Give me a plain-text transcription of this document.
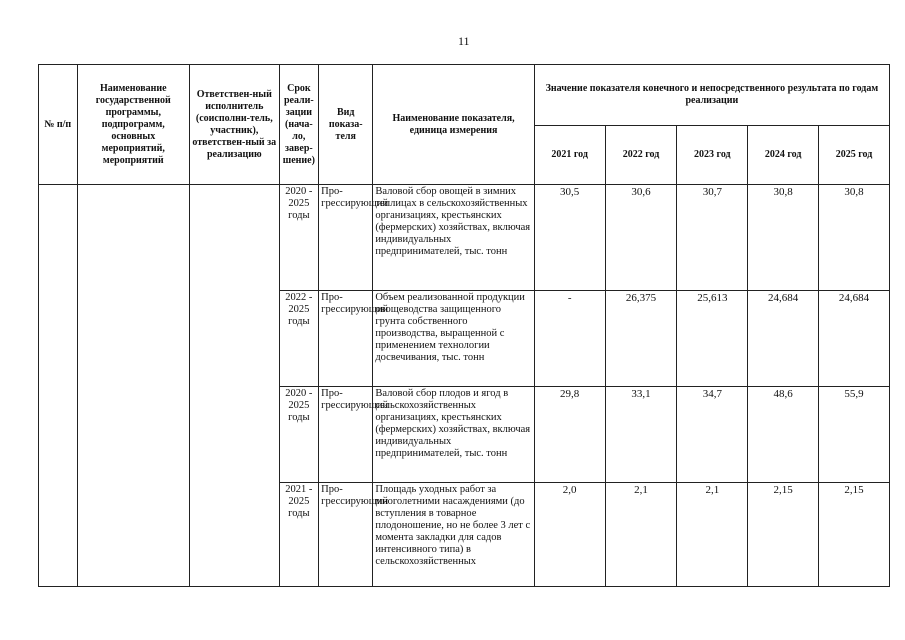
11
№ п/п	Наименование государственной программы, подпрограмм, основных мероприятий, мероприятий	Ответствен-ный исполнитель (соисполни-тель, участник), ответствен-ный за реализацию	Срок реали-зации (нача-ло, завер-шение)	Вид показа-теля	Наименование показателя, единица измерения	Значение показателя конечного и непосредственного результата по годам реализации				
						2021 год	2022 год	2023 год	2024 год	2025 год
			2020 - 2025 годы	Про-грессирующий	Валовой сбор овощей в зимних теплицах в сельскохозяйственных организациях, крестьянских (фермерских) хозяйствах, включая индивидуальных предпринимателей, тыс. тонн	30,5	30,6	30,7	30,8	30,8
			2022 - 2025 годы	Про-грессирующий	Объем реализованной продукции овощеводства защищенного грунта собственного производства, выращенной с применением технологии досвечивания, тыс. тонн	-	26,375	25,613	24,684	24,684
			2020 - 2025 годы	Про-грессирующий	Валовой сбор плодов и ягод в сельскохозяйственных организациях, крестьянских (фермерских) хозяйствах, включая индивидуальных предпринимателей, тыс. тонн	29,8	33,1	34,7	48,6	55,9
			2021 - 2025 годы	Про-грессирующий	Площадь уходных работ за многолетними насаждениями (до вступления в товарное плодоношение, но не более 3 лет с момента закладки для садов интенсивного типа) в сельскохозяйственных	2,0	2,1	2,1	2,15	2,15
